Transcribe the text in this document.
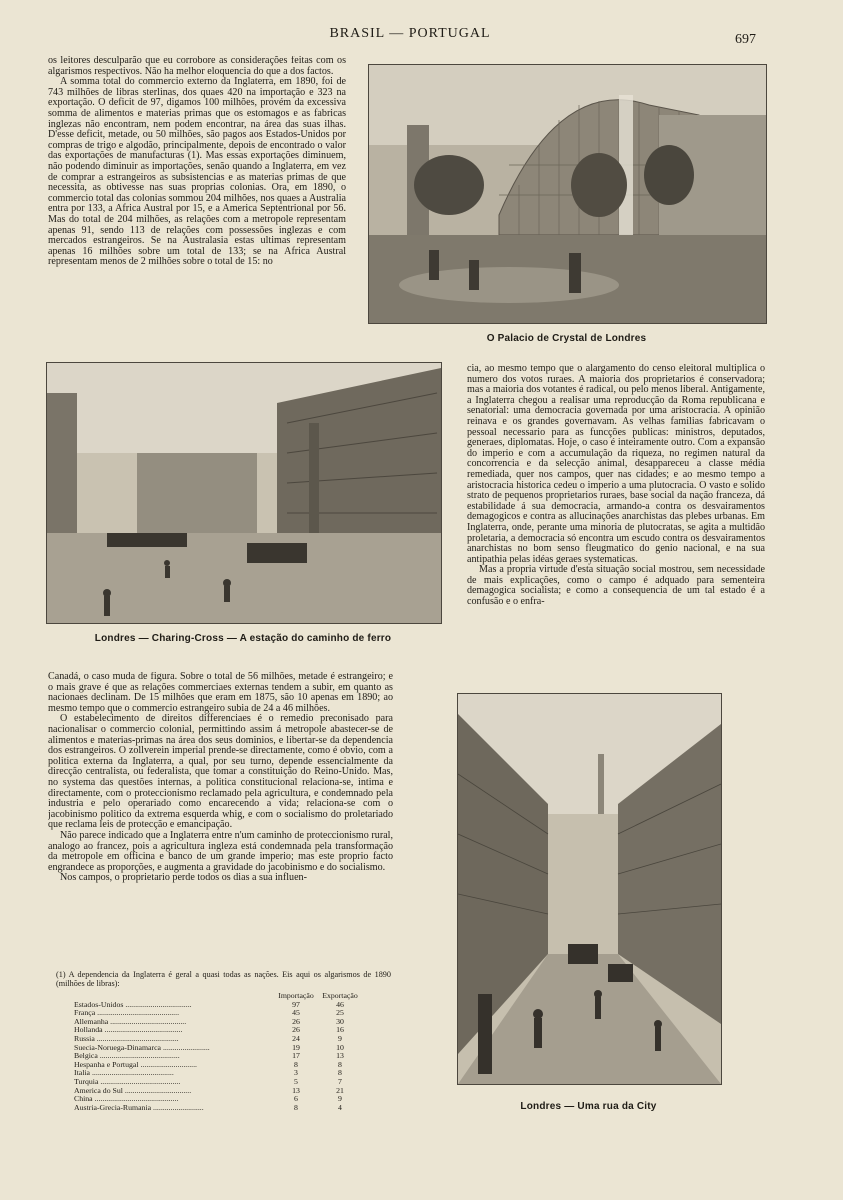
BRASIL — PORTUGAL	697

os leitores desculparão que eu corrobore as considerações feitas com os algarismos respectivos. Não ha melhor eloquencia do que a dos factos.

A somma total do commercio externo da Inglaterra, em 1890, foi de 743 milhões de libras sterlinas, dos quaes 420 na importação e 323 na exportação. O deficit de 97, digamos 100 milhões, provém da excessiva somma de alimentos e materias primas que os estomagos e as fabricas inglezas não encontram, nem podem encontrar, na área das suas ilhas. D'esse deficit, metade, ou 50 milhões, são pagos aos Estados-Unidos por compras de trigo e algodão, principalmente, depois de encontrado o valor das exportações de manufacturas (1). Mas essas exportações diminuem, não podendo diminuir as importações, senão quando a Inglaterra, em vez de comprar a estrangeiros as subsistencias e as materias primas de que necessita, as obtivesse nas suas proprias colonias. Ora, em 1890, o commercio total das colonias sommou 204 milhões, nos quaes a Australia entra por 133, a Africa Austral por 15, e a America Septentrional por 56. Mas do total de 204 milhões, as relações com a metropole representam apenas 91, sendo 113 de relações com possessões inglezas e com mercados estrangeiros. Se na Australasia estas ultimas representam apenas 16 milhões sobre um total de 133; se na Africa Austral representam menos de 2 milhões sobre o total de 15: no

O Palacio de Crystal de Londres
Londres — Charing-Cross — A estação do caminho de ferro

cia, ao mesmo tempo que o alargamento do censo eleitoral multiplica o numero dos votos ruraes. A maioria dos proprietarios é conservadora; mas a maioria dos votantes é radical, ou pelo menos liberal. Antigamente, a Inglaterra chegou a realisar uma reproducção da Roma republicana e senatorial: uma democracia governada por uma aristocracia. A opinião reinava e os grandes governavam. As velhas familias fabricavam o pessoal necessario para as funcções publicas: ministros, deputados, generaes, diplomatas. Hoje, o caso é inteiramente outro. Com a expansão do imperio e com a accumulação da riqueza, no regimen natural da concorrencia e da selecção animal, desappareceu a classe média remediada, quer nos campos, quer nas cidades; e ao mesmo tempo a aristocracia historica cedeu o imperio a uma plutocracia. O vasto e solido strato de pequenos proprietarios ruraes, base social da nação franceza, dá estabilidade á sua democracia, armando-a contra os desvairamentos demagogicos e contra as allucinações anarchistas das plebes urbanas. Em Inglaterra, onde, perante uma minoria de plutocratas, se agita a multidão proletaria, a democracia só encontra um escudo contra os desvairamentos anarchistas no bom senso fleugmatico do genio nacional, e na sua antipathia pelas idéas geraes systematicas.

Mas a propria virtude d'esta situação social mostrou, sem necessidade de mais explicações, como o campo é adquado para sementeira demagogica socialista; e como a consequencia de um tal estado é a confusão e o enfra-

Canadá, o caso muda de figura. Sobre o total de 56 milhões, metade é estrangeiro; e o mais grave é que as relações commerciaes externas tendem a subir, em quanto as nacionaes declinam. De 15 milhões que eram em 1875, são 10 apenas em 1890; ao mesmo tempo que o commercio estrangeiro subia de 24 a 46 milhões.

O estabelecimento de direitos differenciaes é o remedio preconisado para nacionalisar o commercio colonial, permittindo assim á metropole abastecer-se de alimentos e materias-primas na área dos seus dominios, e libertar-se da dependencia dos estrangeiros. O zollverein imperial prende-se directamente, como é obvio, com a politica externa da Inglaterra, a qual, por seu turno, depende essencialmente da direcção centralista, ou federalista, que tomar a constituição do Reino-Unido. Mas, no systema das questões internas, a politica constitucional relaciona-se, intima e directamente, com o proteccionismo reclamado pela agricultura, e condemnado pela industria e pelo operariado como encarecendo a vida; relaciona-se com o jacobinismo politico da extrema esquerda whig, e com o socialismo do proletariado que reclama leis de protecção e emancipação.

Não parece indicado que a Inglaterra entre n'um caminho de proteccionismo rural, analogo ao francez, pois a agricultura ingleza está condemnada pela transformação da metropole em officina e banco de um grande imperio; mas este proprio facto engrandece as proporções, e augmenta a gravidade do jacobinismo e do socialismo.

Nos campos, o proprietario perde todos os dias a sua influen-

(1) A dependencia da Inglaterra é geral a quasi todas as nações. Eis aqui os algarismos de 1890 (milhões de libras):
	Importação	Exportação
Estados-Unidos ..................................	97	46
França ..........................................	45	25
Allemanha .......................................	26	30
Hollanda ........................................	26	16
Russia ..........................................	24	9
Suecia-Noruega-Dinamarca ........................	19	10
Belgica .........................................	17	13
Hespanha e Portugal .............................	8	8
Italia ..........................................	3	8
Turquia .........................................	5	7
America do Sul ..................................	13	21
China ...........................................	6	9
Austria-Grecia-Rumania ..........................	8	4	Londres — Uma rua da City
